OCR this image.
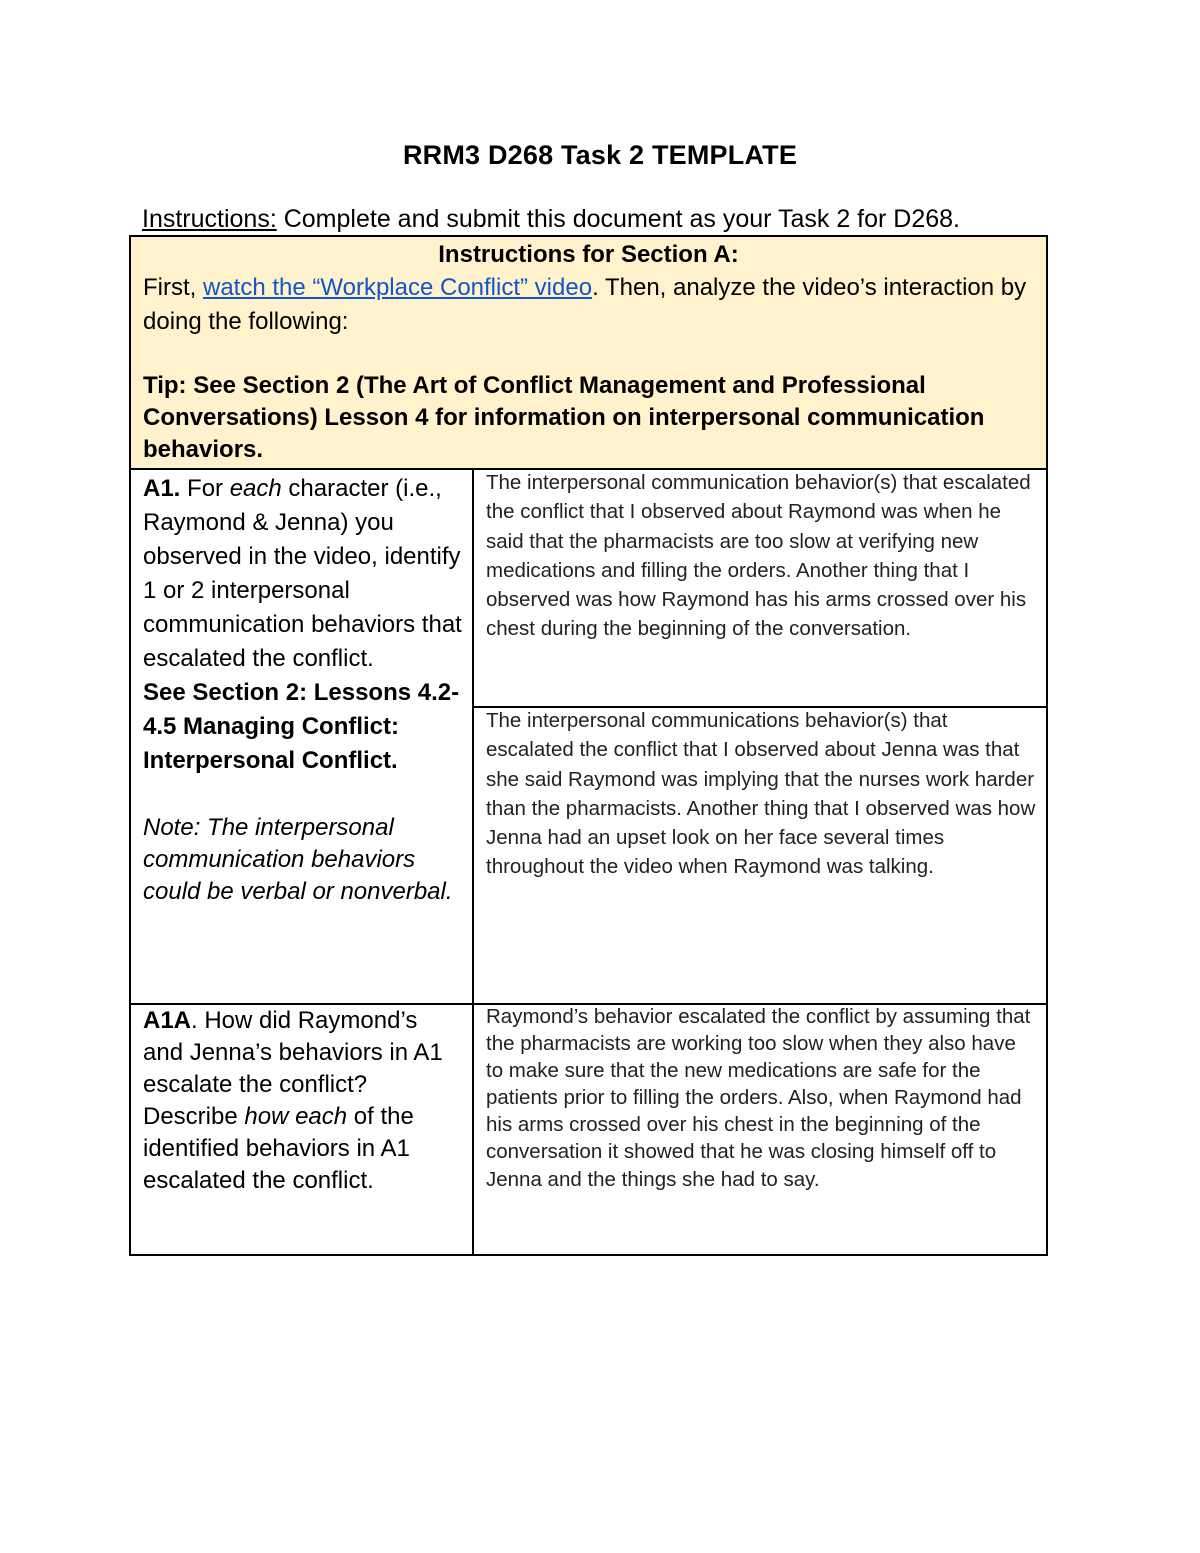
RRM3 D268 Task 2 TEMPLATE
Instructions: Complete and submit this document as your Task 2 for D268.
Instructions for Section A:
First, watch the “Workplace Conflict” video. Then, analyze the video’s interaction by doing the following:
Tip: See Section 2 (The Art of Conflict Management and Professional Conversations) Lesson 4 for information on interpersonal communication behaviors.
A1. For each character (i.e., Raymond & Jenna) you observed in the video, identify 1 or 2 interpersonal communication behaviors that escalated the conflict.
See Section 2: Lessons 4.2-4.5 Managing Conflict: Interpersonal Conflict.
Note: The interpersonal communication behaviors could be verbal or nonverbal.
The interpersonal communication behavior(s) that escalated the conflict that I observed about Raymond was when he said that the pharmacists are too slow at verifying new medications and filling the orders. Another thing that I observed was how Raymond has his arms crossed over his chest during the beginning of the conversation.
The interpersonal communications behavior(s) that escalated the conflict that I observed about Jenna was that she said Raymond was implying that the nurses work harder than the pharmacists. Another thing that I observed was how Jenna had an upset look on her face several times throughout the video when Raymond was talking.
A1A. How did Raymond’s and Jenna’s behaviors in A1 escalate the conflict? Describe how each of the identified behaviors in A1 escalated the conflict.
Raymond’s behavior escalated the conflict by assuming that the pharmacists are working too slow when they also have to make sure that the new medications are safe for the patients prior to filling the orders. Also, when Raymond had his arms crossed over his chest in the beginning of the conversation it showed that he was closing himself off to Jenna and the things she had to say.
